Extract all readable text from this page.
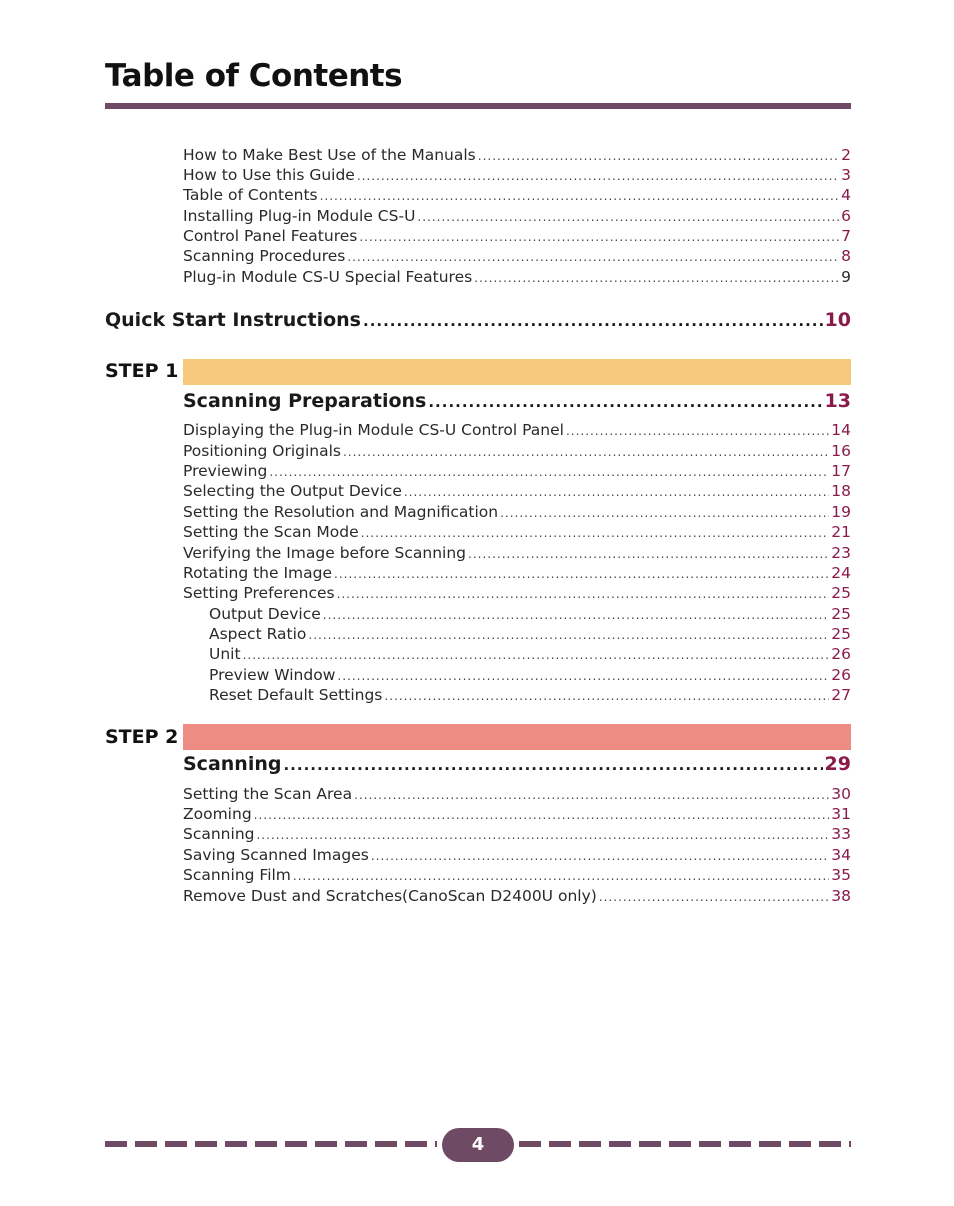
Table of Contents
How to Make Best Use of the Manuals .....	2
How to Use this Guide .....	3
Table of Contents .....	4
Installing Plug-in Module CS-U .....	6
Control Panel Features .....	7
Scanning Procedures .....	8
Plug-in Module CS-U Special Features .....	9
Quick Start Instructions .....	10
Scanning Preparations .....	13
Displaying the Plug-in Module CS-U Control Panel .....	14
Positioning Originals .....	16
Previewing .....	17
Selecting the Output Device .....	18
Setting the Resolution and Magnification .....	19
Setting the Scan Mode .....	21
Verifying the Image before Scanning .....	23
Rotating the Image .....	24
Setting Preferences .....	25
Output Device .....	25
Aspect Ratio .....	25
Unit .....	26
Preview Window .....	26
Reset Default Settings .....	27
Scanning .....	29
Setting the Scan Area .....	30
Zooming .....	31
Scanning .....	33
Saving Scanned Images .....	34
Scanning Film .....	35
Remove Dust and Scratches(CanoScan D2400U only) .....	38
STEP 1
STEP 2
4
